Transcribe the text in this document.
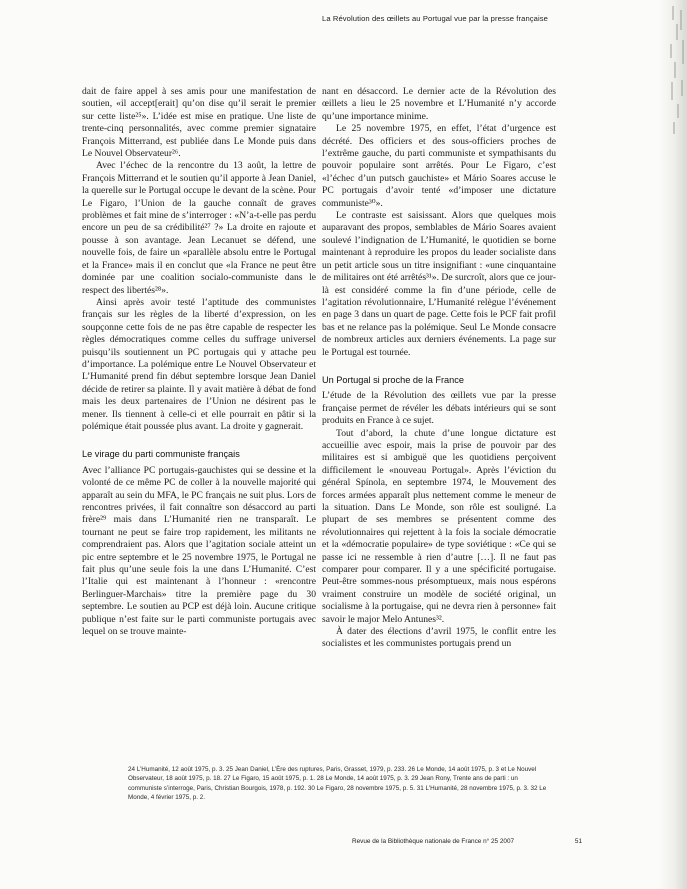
La Révolution des œillets au Portugal vue par la presse française

dait de faire appel à ses amis pour une manifestation de soutien, «il accept[erait] qu’on dise qu’il serait le premier sur cette liste²⁵». L’idée est mise en pratique. Une liste de trente-cinq personnalités, avec comme premier signataire François Mitterrand, est publiée dans Le Monde puis dans Le Nouvel Observateur²⁶.

Avec l’échec de la rencontre du 13 août, la lettre de François Mitterrand et le soutien qu’il apporte à Jean Daniel, la querelle sur le Portugal occupe le devant de la scène. Pour Le Figaro, l’Union de la gauche connaît de graves problèmes et fait mine de s’interroger : «N’a-t-elle pas perdu encore un peu de sa crédibilité²⁷ ?» La droite en rajoute et pousse à son avantage. Jean Lecanuet se défend, une nouvelle fois, de faire un «parallèle absolu entre le Portugal et la France» mais il en conclut que «la France ne peut être dominée par une coalition socialo-communiste dans le respect des libertés²⁸».

Ainsi après avoir testé l’aptitude des communistes français sur les règles de la liberté d’expression, on les soupçonne cette fois de ne pas être capable de respecter les règles démocratiques comme celles du suffrage universel puisqu’ils soutiennent un PC portugais qui y attache peu d’importance. La polémique entre Le Nouvel Observateur et L’Humanité prend fin début septembre lorsque Jean Daniel décide de retirer sa plainte. Il y avait matière à débat de fond mais les deux partenaires de l’Union ne désirent pas le mener. Ils tiennent à celle-ci et elle pourrait en pâtir si la polémique était poussée plus avant. La droite y gagnerait.

Le virage du parti communiste français

Avec l’alliance PC portugais-gauchistes qui se dessine et la volonté de ce même PC de coller à la nouvelle majorité qui apparaît au sein du MFA, le PC français ne suit plus. Lors de rencontres privées, il fait connaître son désaccord au parti frère²⁹ mais dans L’Humanité rien ne transparaît. Le tournant ne peut se faire trop rapidement, les militants ne comprendraient pas. Alors que l’agitation sociale atteint un pic entre septembre et le 25 novembre 1975, le Portugal ne fait plus qu’une seule fois la une dans L’Humanité. C’est l’Italie qui est maintenant à l’honneur : «rencontre Berlinguer-Marchais» titre la première page du 30 septembre. Le soutien au PCP est déjà loin. Aucune critique publique n’est faite sur le parti communiste portugais avec lequel on se trouve mainte-

nant en désaccord. Le dernier acte de la Révolution des œillets a lieu le 25 novembre et L’Humanité n’y accorde qu’une importance minime.

Le 25 novembre 1975, en effet, l’état d’urgence est décrété. Des officiers et des sous-officiers proches de l’extrême gauche, du parti communiste et sympathisants du pouvoir populaire sont arrêtés. Pour Le Figaro, c’est «l’échec d’un putsch gauchiste» et Mário Soares accuse le PC portugais d’avoir tenté «d’imposer une dictature communiste³⁰».

Le contraste est saisissant. Alors que quelques mois auparavant des propos, semblables de Mário Soares avaient soulevé l’indignation de L’Humanité, le quotidien se borne maintenant à reproduire les propos du leader socialiste dans un petit article sous un titre insignifiant : «une cinquantaine de militaires ont été arrêtés³¹». De surcroît, alors que ce jour-là est considéré comme la fin d’une période, celle de l’agitation révolutionnaire, L’Humanité relègue l’événement en page 3 dans un quart de page. Cette fois le PCF fait profil bas et ne relance pas la polémique. Seul Le Monde consacre de nombreux articles aux derniers événements. La page sur le Portugal est tournée.

Un Portugal si proche de la France

L’étude de la Révolution des œillets vue par la presse française permet de révéler les débats intérieurs qui se sont produits en France à ce sujet.

Tout d’abord, la chute d’une longue dictature est accueillie avec espoir, mais la prise de pouvoir par des militaires est si ambiguë que les quotidiens perçoivent difficilement le «nouveau Portugal». Après l’éviction du général Spínola, en septembre 1974, le Mouvement des forces armées apparaît plus nettement comme le meneur de la situation. Dans Le Monde, son rôle est souligné. La plupart de ses membres se présentent comme des révolutionnaires qui rejettent à la fois la sociale démocratie et la «démocratie populaire» de type soviétique : «Ce qui se passe ici ne ressemble à rien d’autre […]. Il ne faut pas comparer pour comparer. Il y a une spécificité portugaise. Peut-être sommes-nous présomptueux, mais nous espérons vraiment construire un modèle de société original, un socialisme à la portugaise, qui ne devra rien à personne» fait savoir le major Melo Antunes³².

À dater des élections d’avril 1975, le conflit entre les socialistes et les communistes portugais prend un

24 L’Humanité, 12 août 1975, p. 3. 25 Jean Daniel, L’Ère des ruptures, Paris, Grasset, 1979, p. 233. 26 Le Monde, 14 août 1975, p. 3 et Le Nouvel Observateur, 18 août 1975, p. 18. 27 Le Figaro, 15 août 1975, p. 1. 28 Le Monde, 14 août 1975, p. 3. 29 Jean Rony, Trente ans de parti : un communiste s’interroge, Paris, Christian Bourgois, 1978, p. 192. 30 Le Figaro, 28 novembre 1975, p. 5. 31 L’Humanité, 28 novembre 1975, p. 3. 32 Le Monde, 4 février 1975, p. 2.
Revue de la Bibliothèque nationale de France n° 25 2007	51
